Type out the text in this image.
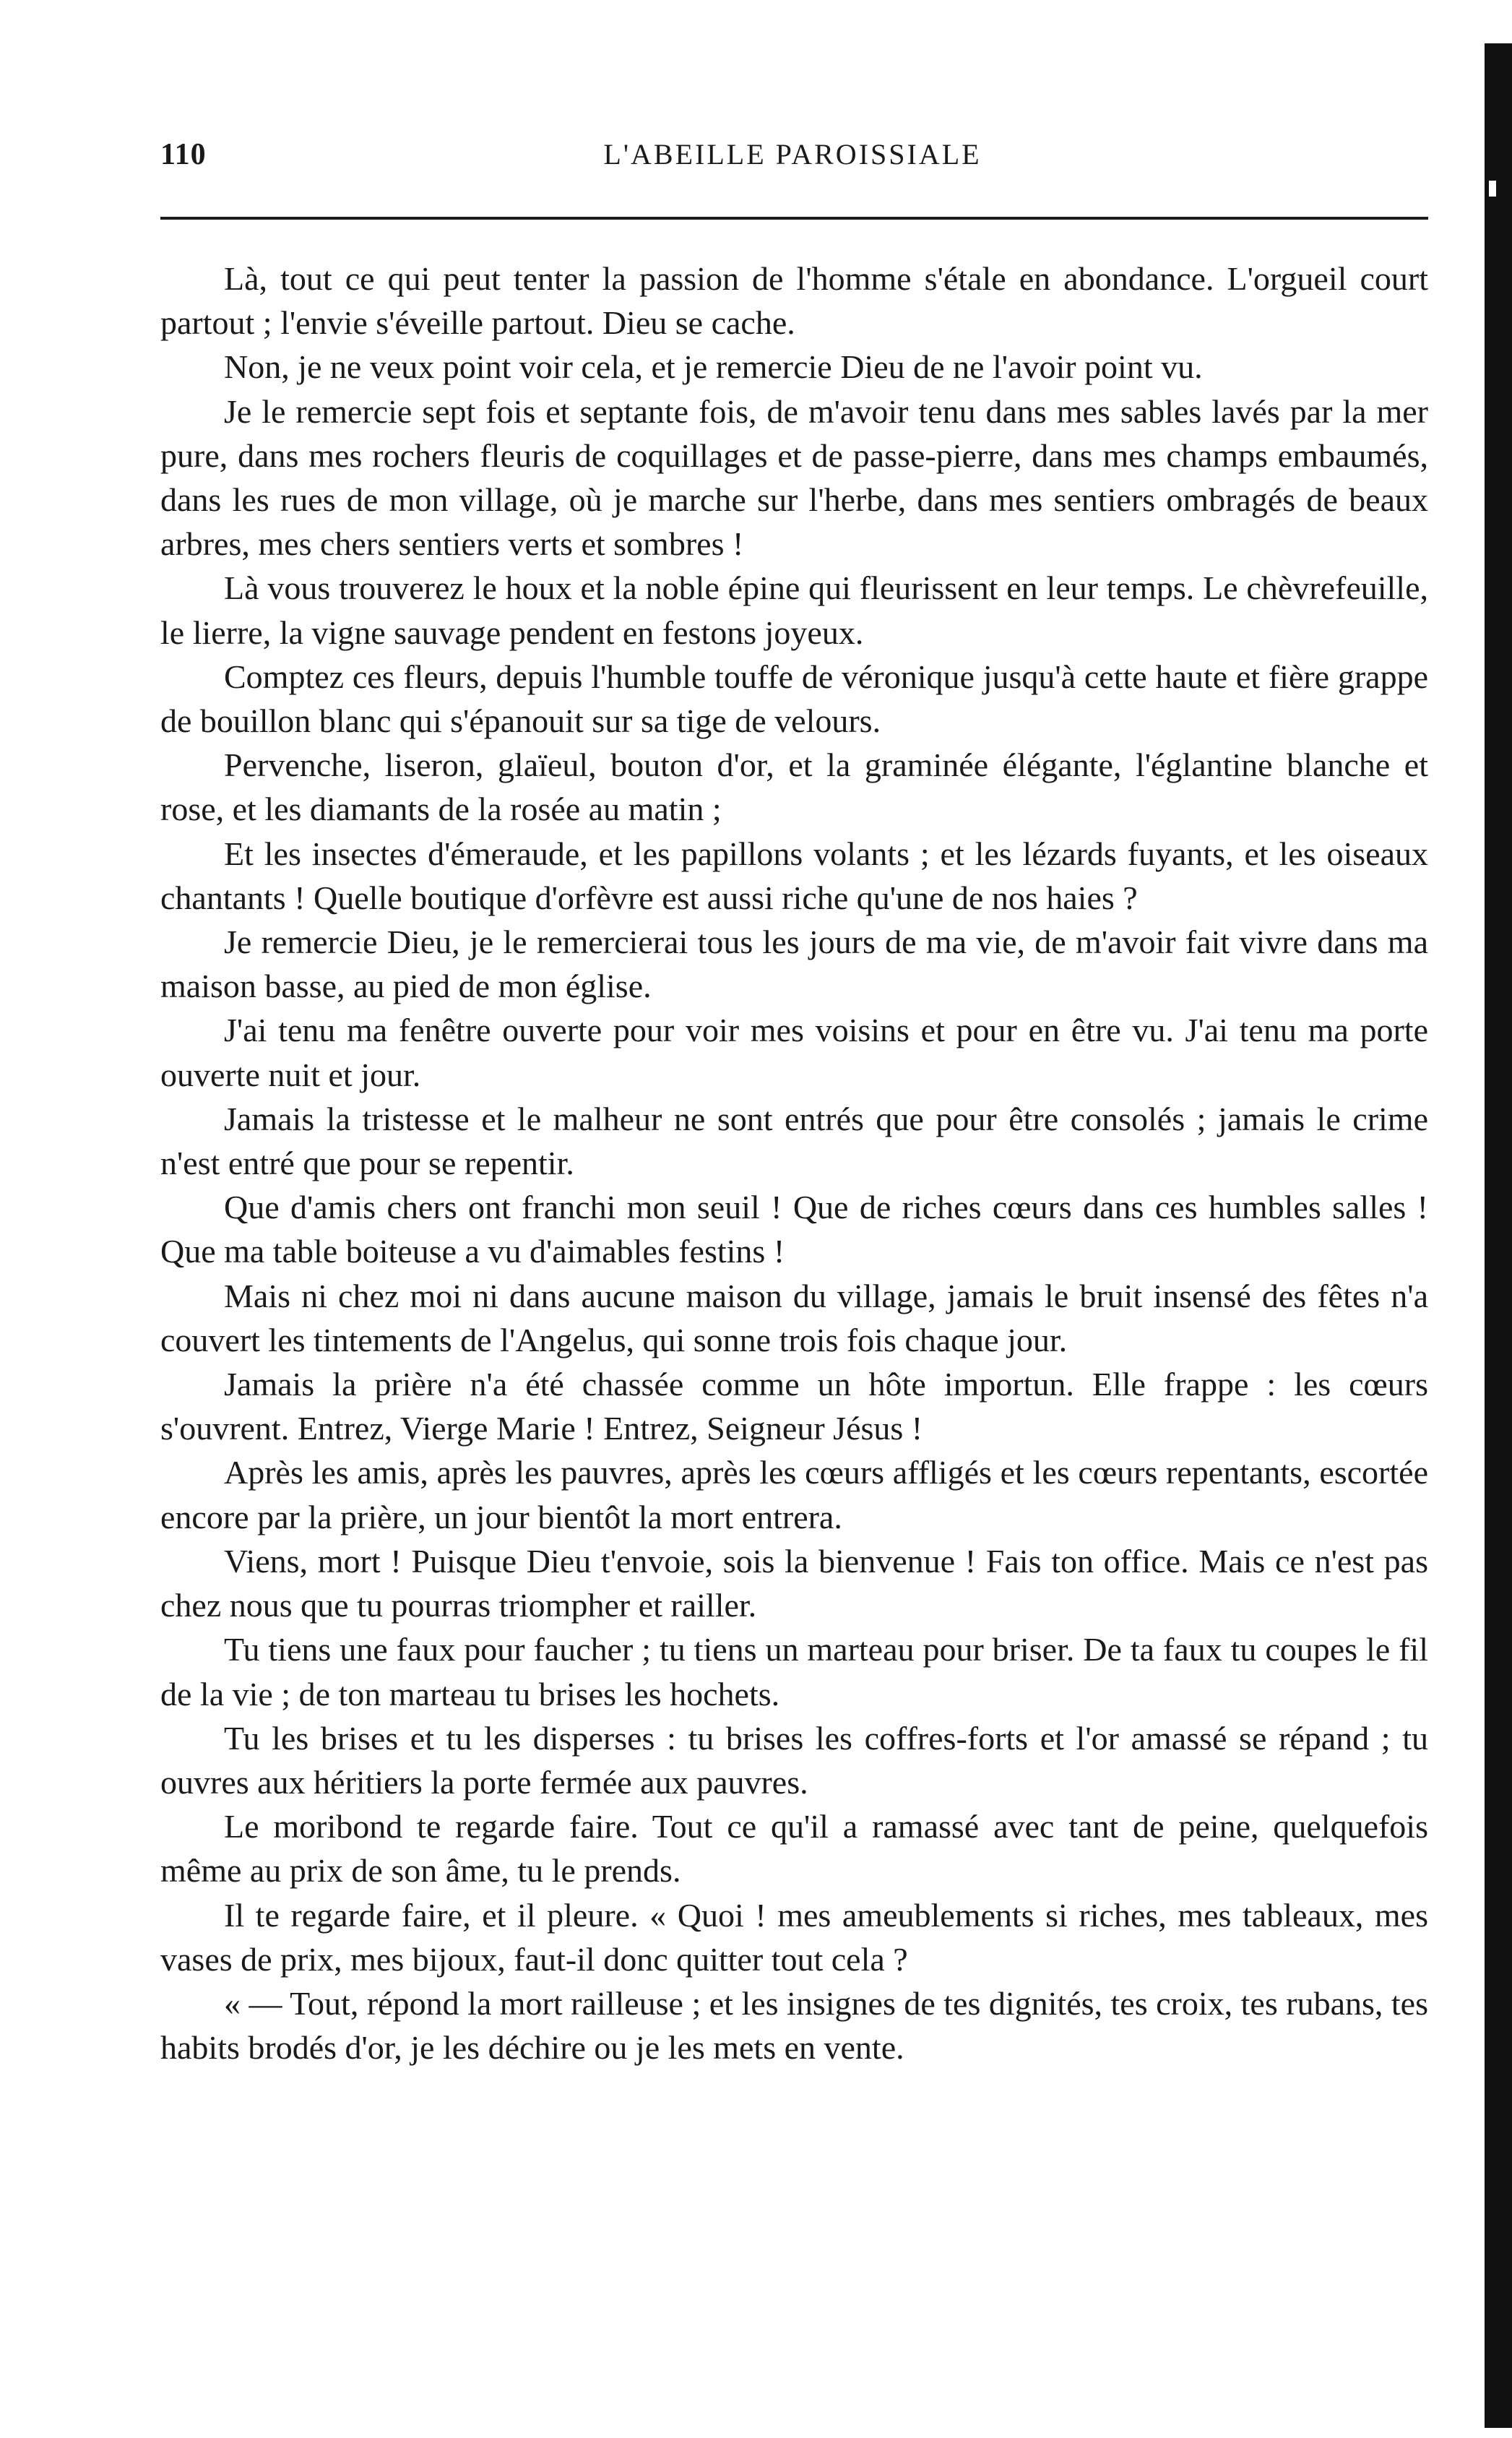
110	L'ABEILLE PAROISSIALE

Là, tout ce qui peut tenter la passion de l'homme s'étale en abondance. L'orgueil court partout ; l'envie s'éveille partout. Dieu se cache.

Non, je ne veux point voir cela, et je remercie Dieu de ne l'avoir point vu.

Je le remercie sept fois et septante fois, de m'avoir tenu dans mes sables lavés par la mer pure, dans mes rochers fleuris de coquillages et de passe-pierre, dans mes champs embaumés, dans les rues de mon village, où je marche sur l'herbe, dans mes sentiers ombragés de beaux arbres, mes chers sentiers verts et sombres !

Là vous trouverez le houx et la noble épine qui fleurissent en leur temps. Le chèvrefeuille, le lierre, la vigne sauvage pendent en festons joyeux.

Comptez ces fleurs, depuis l'humble touffe de véronique jusqu'à cette haute et fière grappe de bouillon blanc qui s'épanouit sur sa tige de velours.

Pervenche, liseron, glaïeul, bouton d'or, et la graminée élégante, l'églantine blanche et rose, et les diamants de la rosée au matin ;

Et les insectes d'émeraude, et les papillons volants ; et les lézards fuyants, et les oiseaux chantants ! Quelle boutique d'orfèvre est aussi riche qu'une de nos haies ?

Je remercie Dieu, je le remercierai tous les jours de ma vie, de m'avoir fait vivre dans ma maison basse, au pied de mon église.

J'ai tenu ma fenêtre ouverte pour voir mes voisins et pour en être vu. J'ai tenu ma porte ouverte nuit et jour.

Jamais la tristesse et le malheur ne sont entrés que pour être consolés ; jamais le crime n'est entré que pour se repentir.

Que d'amis chers ont franchi mon seuil ! Que de riches cœurs dans ces humbles salles ! Que ma table boiteuse a vu d'aimables festins !

Mais ni chez moi ni dans aucune maison du village, jamais le bruit insensé des fêtes n'a couvert les tintements de l'Angelus, qui sonne trois fois chaque jour.

Jamais la prière n'a été chassée comme un hôte importun. Elle frappe : les cœurs s'ouvrent. Entrez, Vierge Marie ! Entrez, Seigneur Jésus !

Après les amis, après les pauvres, après les cœurs affligés et les cœurs repentants, escortée encore par la prière, un jour bientôt la mort entrera.

Viens, mort ! Puisque Dieu t'envoie, sois la bienvenue ! Fais ton office. Mais ce n'est pas chez nous que tu pourras triompher et railler.

Tu tiens une faux pour faucher ; tu tiens un marteau pour briser. De ta faux tu coupes le fil de la vie ; de ton marteau tu brises les hochets.

Tu les brises et tu les disperses : tu brises les coffres-forts et l'or amassé se répand ; tu ouvres aux héritiers la porte fermée aux pauvres.

Le moribond te regarde faire. Tout ce qu'il a ramassé avec tant de peine, quelquefois même au prix de son âme, tu le prends.

Il te regarde faire, et il pleure. « Quoi ! mes ameublements si riches, mes tableaux, mes vases de prix, mes bijoux, faut-il donc quitter tout cela ?

« — Tout, répond la mort railleuse ; et les insignes de tes dignités, tes croix, tes rubans, tes habits brodés d'or, je les déchire ou je les mets en vente.
